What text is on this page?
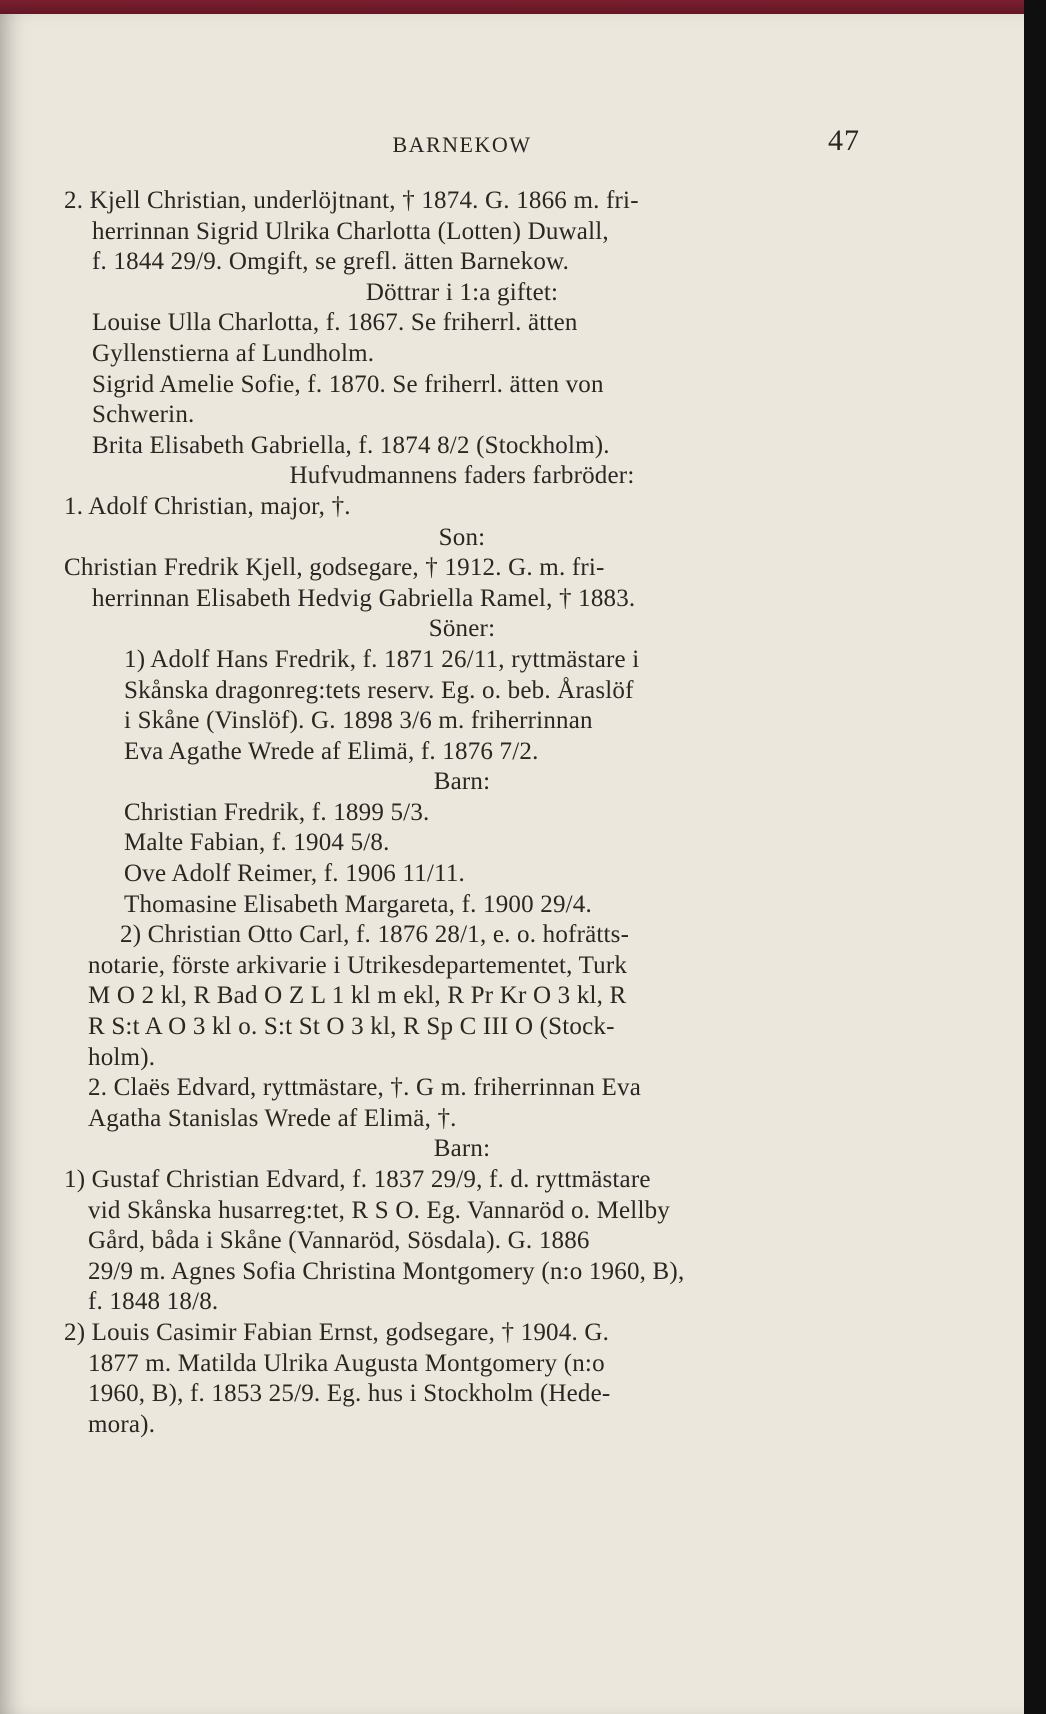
BARNEKOW	47
2. Kjell Christian, underlöjtnant, † 1874. G. 1866 m. fri-
herrinnan Sigrid Ulrika Charlotta (Lotten) Duwall,
f. 1844 29/9. Omgift, se grefl. ätten Barnekow.
Döttrar i 1:a giftet:
Louise Ulla Charlotta, f. 1867. Se friherrl. ätten
Gyllenstierna af Lundholm.
Sigrid Amelie Sofie, f. 1870. Se friherrl. ätten von
Schwerin.
Brita Elisabeth Gabriella, f. 1874 8/2 (Stockholm).
Hufvudmannens faders farbröder:
1. Adolf Christian, major, †.
Son:
Christian Fredrik Kjell, godsegare, † 1912. G. m. fri-
herrinnan Elisabeth Hedvig Gabriella Ramel, † 1883.
Söner:
1) Adolf Hans Fredrik, f. 1871 26/11, ryttmästare i
Skånska dragonreg:tets reserv. Eg. o. beb. Åraslöf
i Skåne (Vinslöf). G. 1898 3/6 m. friherrinnan
Eva Agathe Wrede af Elimä, f. 1876 7/2.
Barn:
Christian Fredrik, f. 1899 5/3.
Malte Fabian, f. 1904 5/8.
Ove Adolf Reimer, f. 1906 11/11.
Thomasine Elisabeth Margareta, f. 1900 29/4.
2) Christian Otto Carl, f. 1876 28/1, e. o. hofrätts-
notarie, förste arkivarie i Utrikesdepartementet, Turk
M O 2 kl, R Bad O Z L 1 kl m ekl, R Pr Kr O 3 kl, R
R S:t A O 3 kl o. S:t St O 3 kl, R Sp C III O (Stock-
holm).
2. Claës Edvard, ryttmästare, †. G m. friherrinnan Eva
Agatha Stanislas Wrede af Elimä, †.
Barn:
1) Gustaf Christian Edvard, f. 1837 29/9, f. d. ryttmästare
vid Skånska husarreg:tet, R S O. Eg. Vannaröd o. Mellby
Gård, båda i Skåne (Vannaröd, Sösdala). G. 1886
29/9 m. Agnes Sofia Christina Montgomery (n:o 1960, B),
f. 1848 18/8.
2) Louis Casimir Fabian Ernst, godsegare, † 1904. G.
1877 m. Matilda Ulrika Augusta Montgomery (n:o
1960, B), f. 1853 25/9. Eg. hus i Stockholm (Hede-
mora).
